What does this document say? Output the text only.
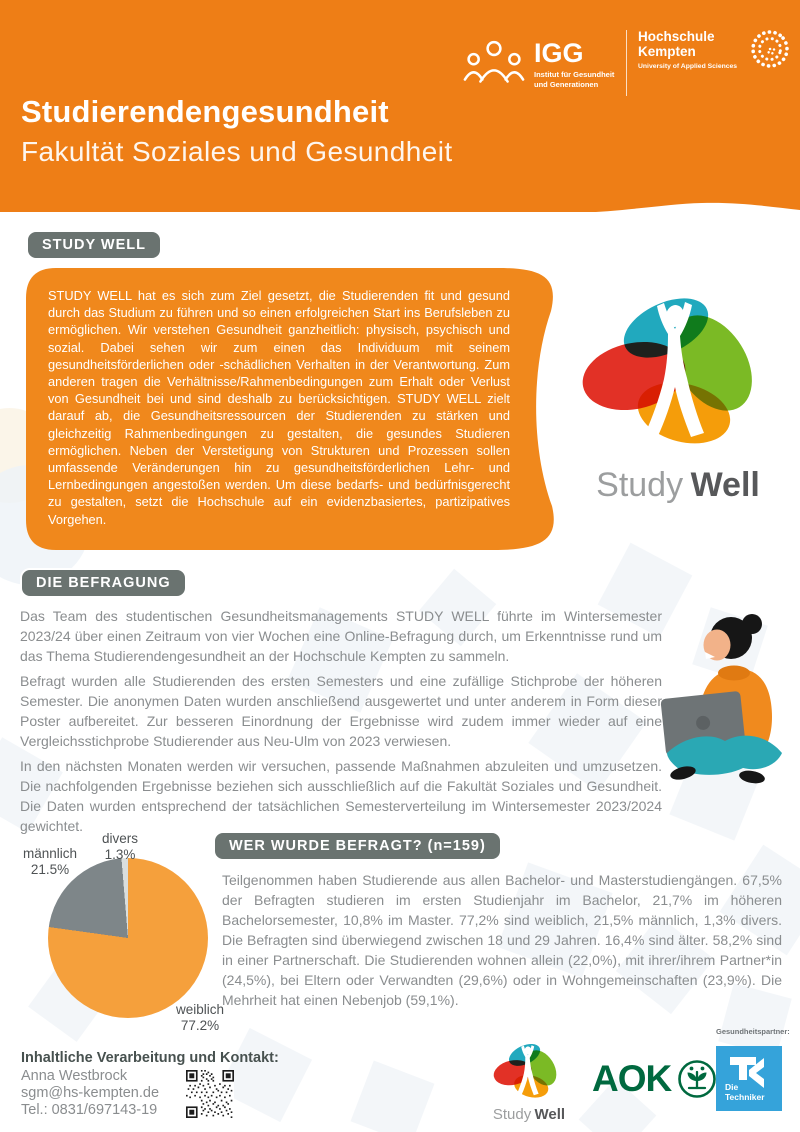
IGG
Institut für Gesundheit
und Generationen
Hochschule
Kempten
University of Applied Sciences
Studierendengesundheit
Fakultät Soziales und Gesundheit
STUDY WELL
STUDY WELL hat es sich zum Ziel gesetzt, die Studierenden fit und gesund durch das Studium zu führen und so einen erfolgreichen Start ins Berufsleben zu ermöglichen. Wir verstehen Gesundheit ganzheitlich: physisch, psychisch und sozial. Dabei sehen wir zum einen das Individuum mit seinem gesundheitsförderlichen oder -schädlichen Verhalten in der Verantwortung. Zum anderen tragen die Verhältnisse/Rahmenbedingungen zum Erhalt oder Verlust von Gesundheit bei und sind deshalb zu berücksichtigen. STUDY WELL zielt darauf ab, die Gesundheitsressourcen der Studierenden zu stärken und gleichzeitig Rahmenbedingungen zu gestalten, die gesundes Studieren ermöglichen. Neben der Verstetigung von Strukturen und Prozessen sollen umfassende Veränderungen hin zu gesundheitsförderlichen Lehr- und Lernbedingungen angestoßen werden. Um diese bedarfs- und bedürfnisgerecht zu gestalten, setzt die Hochschule auf ein evidenzbasiertes, partizipatives Vorgehen.
Study Well
DIE BEFRAGUNG

Das Team des studentischen Gesundheitsmanagements STUDY WELL führte im Wintersemester 2023/24 über einen Zeitraum von vier Wochen eine Online-Befragung durch, um Erkenntnisse rund um das Thema Studierendengesundheit an der Hochschule Kempten zu sammeln.

Befragt wurden alle Studierenden des ersten Semesters und eine zufällige Stichprobe der höheren Semester. Die anonymen Daten wurden anschließend ausgewertet und unter anderem in Form dieser Poster aufbereitet. Zur besseren Einordnung der Ergebnisse wird zudem immer wieder auf eine Vergleichsstichprobe Studierender aus Neu-Ulm von 2023 verwiesen.

In den nächsten Monaten werden wir versuchen, passende Maßnahmen abzuleiten und umzusetzen. Die nachfolgenden Ergebnisse beziehen sich ausschließlich auf die Fakultät Soziales und Gesundheit. Die Daten wurden entsprechend der tatsächlichen Semesterverteilung im Wintersemester 2023/2024 gewichtet.

männlich
21.5%
divers
1.3%
weiblich
77.2%
WER WURDE BEFRAGT? (n=159)
Teilgenommen haben Studierende aus allen Bachelor- und Masterstudiengängen. 67,5% der Befragten studieren im ersten Studienjahr im Bachelor, 21,7% im höheren Bachelorsemester, 10,8% im Master. 77,2% sind weiblich, 21,5% männlich, 1,3% divers. Die Befragten sind überwiegend zwischen 18 und 29 Jahren. 16,4% sind älter. 58,2% sind in einer Partnerschaft. Die Studierenden wohnen allein (22,0%), mit ihrer/ihrem Partner*in (24,5%), bei Eltern oder Verwandten (29,6%) oder in Wohngemeinschaften (23,9%). Die Mehrheit hat einen Nebenjob (59,1%).
Inhaltliche Verarbeitung und Kontakt:
Anna Westbrock
sgm@hs-kempten.de
Tel.: 0831/697143-19	Study Well
AOK
Gesundheitspartner:
Die
Techniker
